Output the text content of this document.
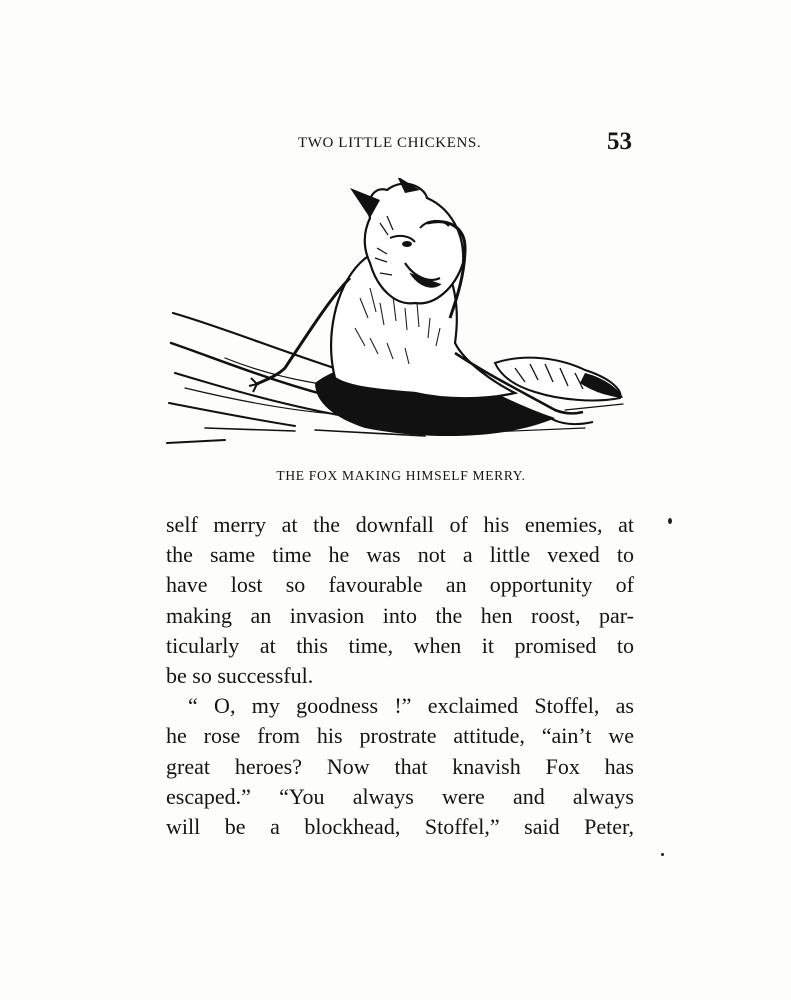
TWO LITTLE CHICKENS.	53
THE FOX MAKING HIMSELF MERRY.
self merry at the downfall of his enemies, at
the same time he was not a little vexed to
have lost so favourable an opportunity of
making an invasion into the hen roost, par-
ticularly at this time, when it promised to
be so successful.
“ O, my goodness !” exclaimed Stoffel, as
he rose from his prostrate attitude, “ain’t we
great heroes? Now that knavish Fox has
escaped.” “You always were and always
will be a blockhead, Stoffel,” said Peter,
